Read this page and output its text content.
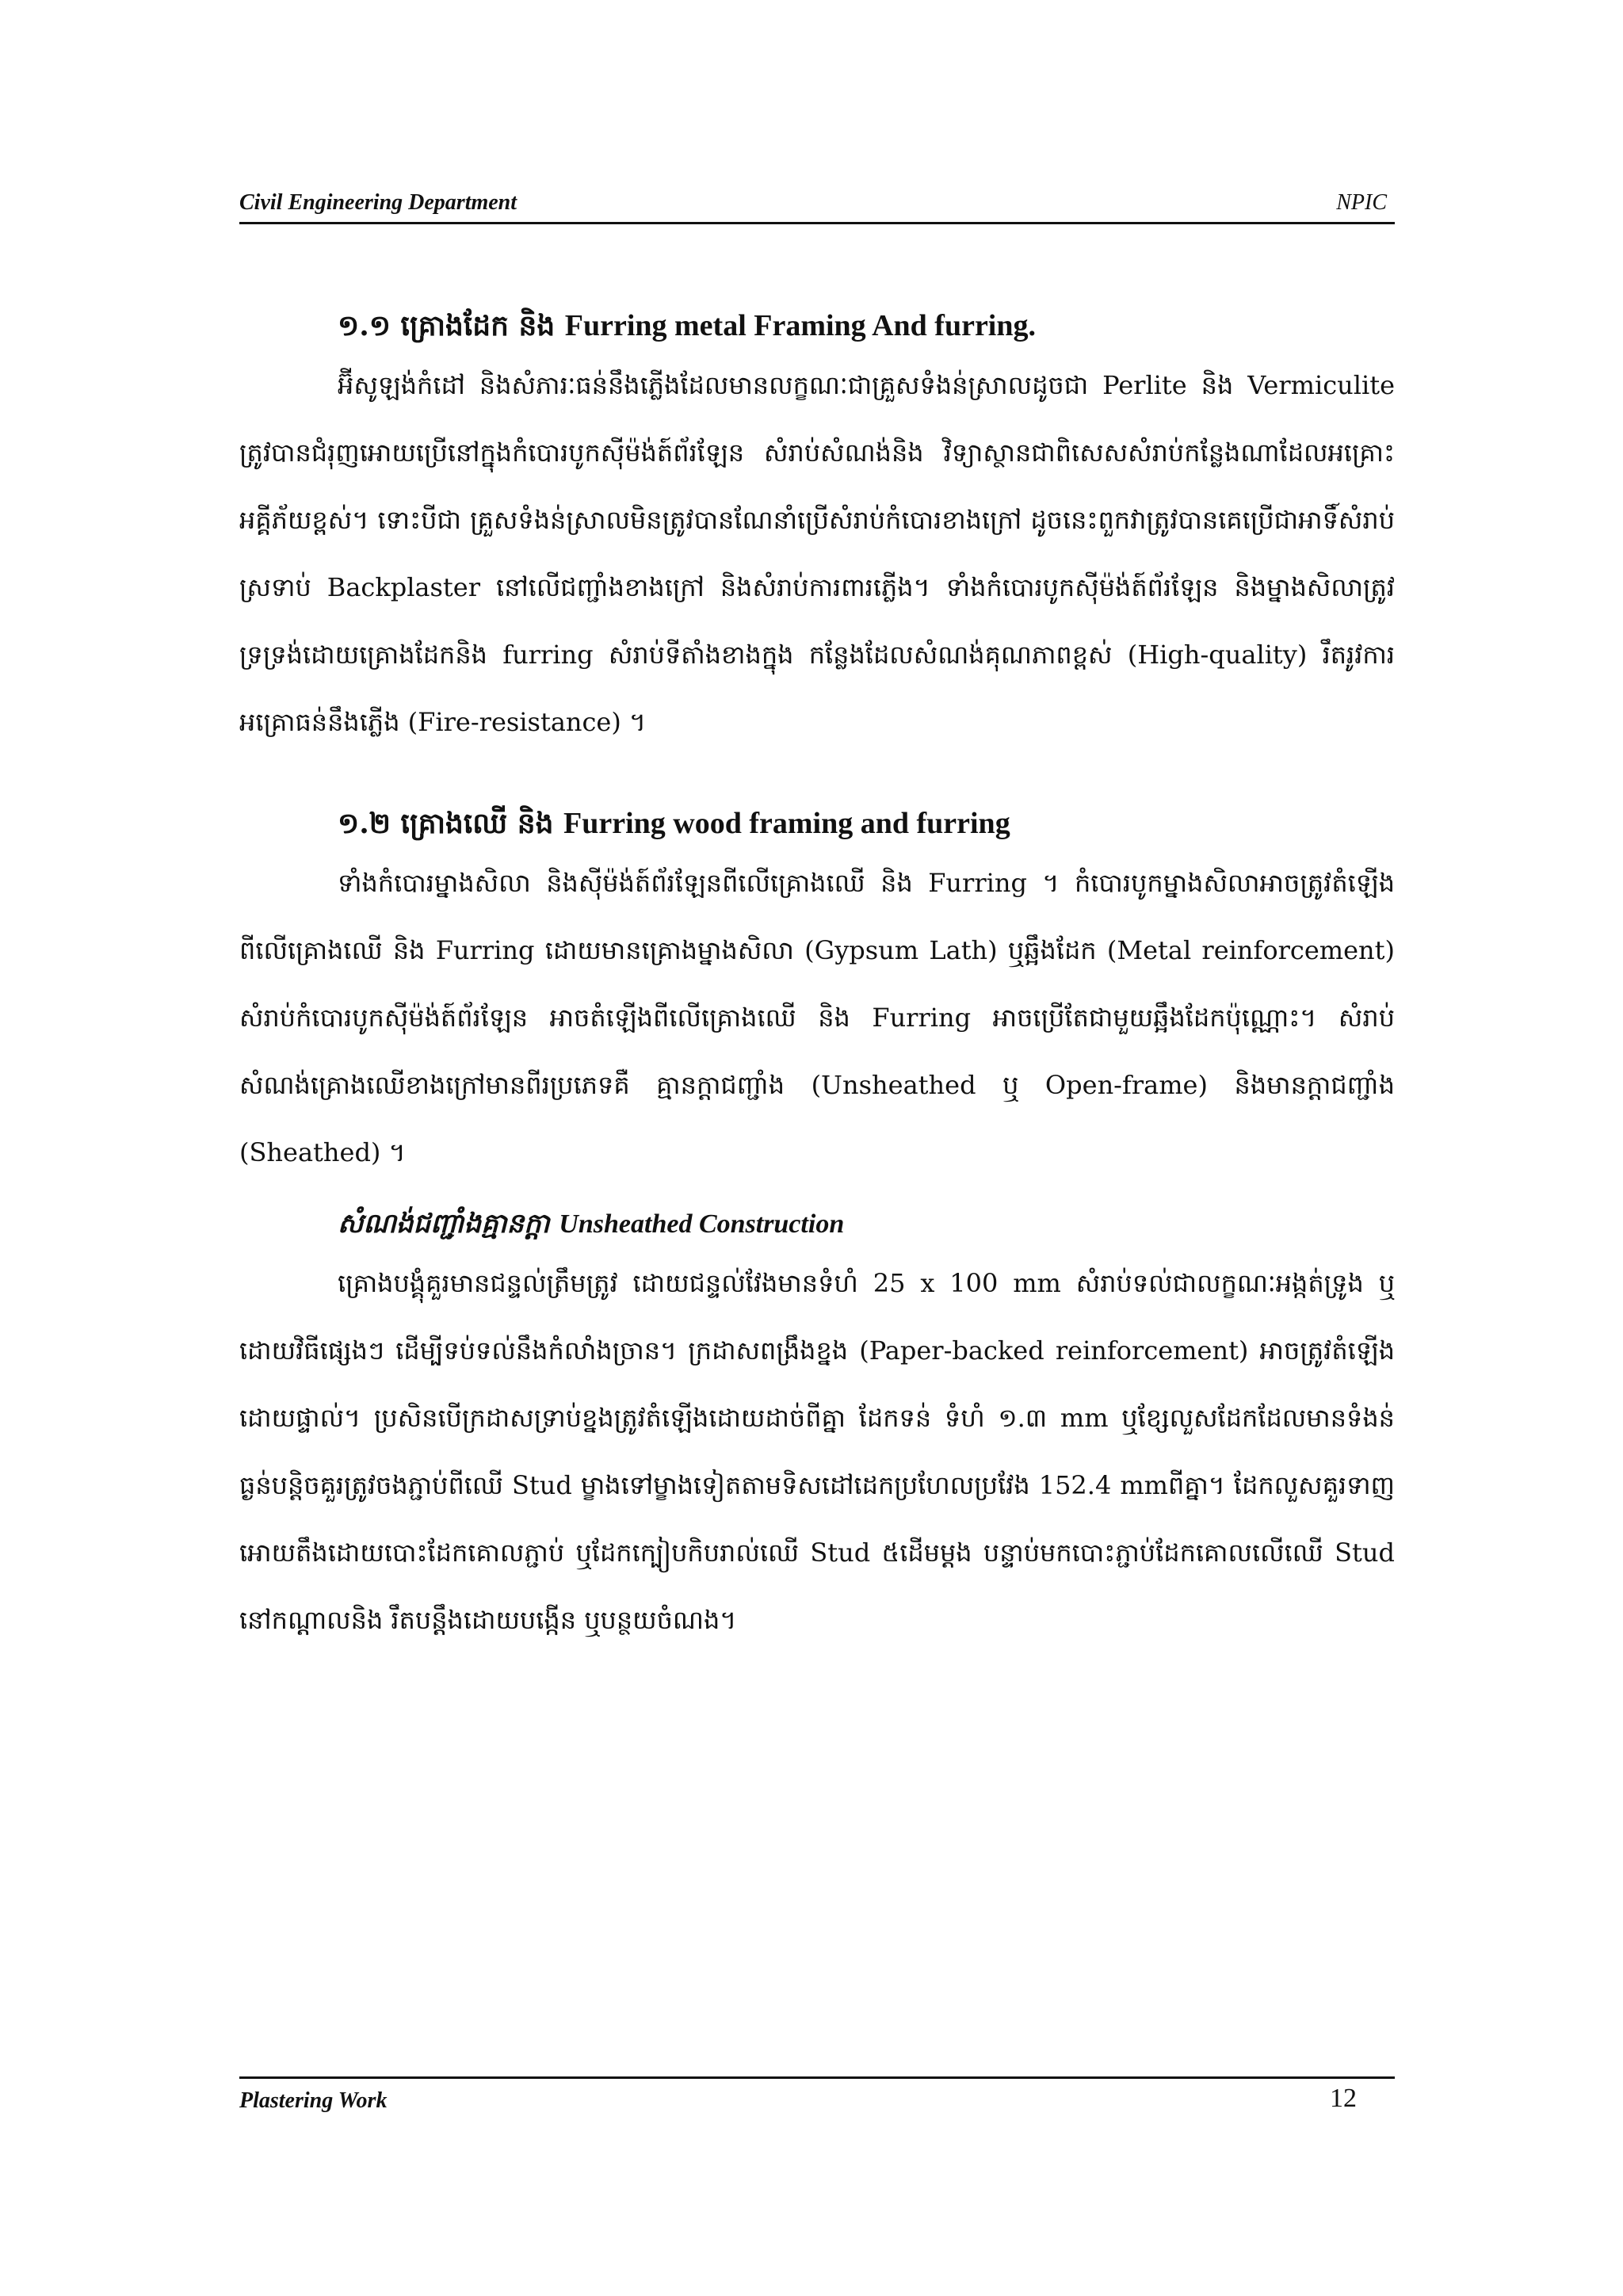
Civil Engineering Department	NPIC
១.១ គ្រោងដែក និង Furring metal Framing And furring.

អ៊ីសូឡង់កំដៅ និងសំភារៈធន់នឹងភ្លើងដែលមានលក្ខណៈជាគ្រួសទំងន់ស្រាលដូចជា Perlite និង Vermiculite ត្រូវបានជំរុញអោយប្រើនៅក្នុងកំបោរបូកស៊ីម៉ង់ត៍ព័រឡែន សំរាប់សំណង់និង វិទ្យាស្ថានជាពិសេសសំរាប់កន្លែងណាដែលអគ្រោះអគ្គីភ័យខ្ពស់។ ទោះបីជា គ្រួសទំងន់ស្រាលមិនត្រូវបានណែនាំប្រើសំរាប់កំបោរខាងក្រៅ ដូចនេះពួកវាត្រូវបានគេប្រើជាអាទិ៍សំរាប់ស្រទាប់ Backplaster នៅលើជញ្ជាំងខាងក្រៅ និងសំរាប់ការពារភ្លើង។ ទាំងកំបោរបូកស៊ីម៉ង់ត៍ព័រឡែន និងម្នាងសិលាត្រូវទ្រទ្រង់ដោយគ្រោងដែកនិង furring សំរាប់ទីតាំងខាងក្នុង កន្លែងដែលសំណង់គុណភាពខ្ពស់ (High-quality) រឹតរូវការអគ្រោធន់នឹងភ្លើង (Fire-resistance) ។

១.២ គ្រោងឈើ និង Furring wood framing and furring

ទាំងកំបោរម្នាងសិលា និងស៊ីម៉ង់ត៍ព័រឡែនពីលើគ្រោងឈើ និង Furring ។ កំបោរបូកម្នាងសិលាអាចត្រូវតំឡើងពីលើគ្រោងឈើ និង Furring ដោយមានគ្រោងម្នាងសិលា (Gypsum Lath) ឬឆ្អឹងដែក (Metal reinforcement) សំរាប់កំបោរបូកស៊ីម៉ង់ត៍ព័រឡែន អាចតំឡើងពីលើគ្រោងឈើ និង Furring អាចប្រើតែជាមួយឆ្អឹងដែកប៉ុណ្ណោះ។ សំរាប់សំណង់គ្រោងឈើខាងក្រៅមានពីរប្រភេទគឺ គ្មានក្ដាជញ្ជាំង (Unsheathed ឬ Open-frame) និងមានក្ដាជញ្ជាំង (Sheathed) ។

សំណង់ជញ្ជាំងគ្មានក្ដា Unsheathed Construction

គ្រោងបង្គុំគួរមានជន្ទល់ត្រឹមត្រូវ ដោយជន្ទល់វែងមានទំហំ 25 x 100 mm សំរាប់ទល់ជាលក្ខណៈអង្កត់ទ្រូង ឬដោយវិធីផ្សេងៗ ដើម្បីទប់ទល់នឹងកំលាំងច្រាន។ ក្រដាសពង្រឹងខ្នង (Paper-backed reinforcement) អាចត្រូវតំឡើងដោយផ្ទាល់។ ប្រសិនបើក្រដាសទ្រាប់ខ្នងត្រូវតំឡើងដោយដាច់ពីគ្នា ដែកទន់ ទំហំ ១.៣ mm ឬខ្សែលួសដែកដែលមានទំងន់ធ្ងន់បន្តិចគួរត្រូវចងភ្ជាប់ពីឈើ Stud ម្ខាងទៅម្ខាងទៀតតាមទិសដៅដេកប្រហែលប្រវែង 152.4 mmពីគ្នា។ ដែកលួសគួរទាញអោយតឹងដោយបោះដែកគោលភ្ជាប់ ឬដែកក្បៀបកិបរាល់ឈើ Stud ៥ដើមម្ដង បន្ទាប់មកបោះភ្ជាប់ដែកគោលលើឈើ Stud នៅកណ្ដាលនិង រឹតបន្តឹងដោយបង្កើន ឬបន្ថយចំណង។

Plastering Work	12
